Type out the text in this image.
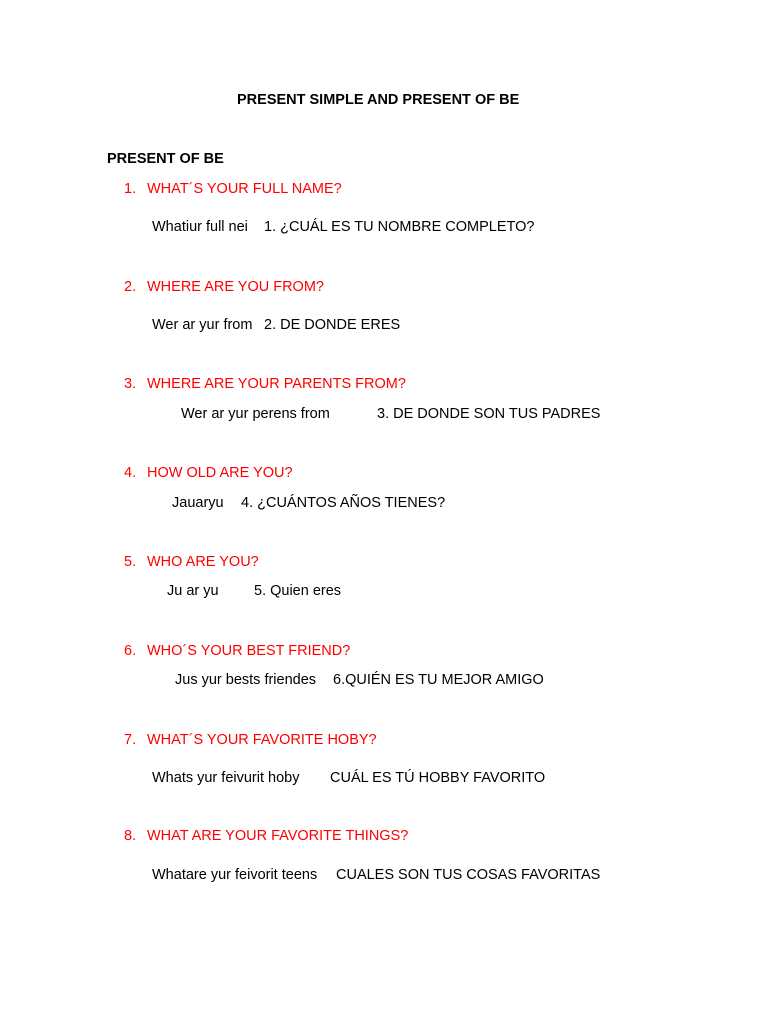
PRESENT SIMPLE AND PRESENT OF BE
PRESENT OF BE
1. WHAT´S YOUR FULL NAME?
Whatiur full nei 1. ¿CUÁL ES TU NOMBRE COMPLETO?
2. WHERE ARE YOU FROM?
Wer ar yur from 2. DE DONDE ERES
3. WHERE ARE YOUR PARENTS FROM?
Wer ar yur perens from	3. DE DONDE SON TUS PADRES
4. HOW OLD ARE YOU?
Jauaryu 4. ¿CUÁNTOS AÑOS TIENES?
5. WHO ARE YOU?
Ju ar yu 5. Quien eres
6. WHO´S YOUR BEST FRIEND?
Jus yur bests friendes 6.QUIÉN ES TU MEJOR AMIGO
7. WHAT´S YOUR FAVORITE HOBY?
Whats yur feivurit hoby CUÁL ES TÚ HOBBY FAVORITO
8. WHAT ARE YOUR FAVORITE THINGS?
Whatare yur feivorit teens CUALES SON TUS COSAS FAVORITAS
